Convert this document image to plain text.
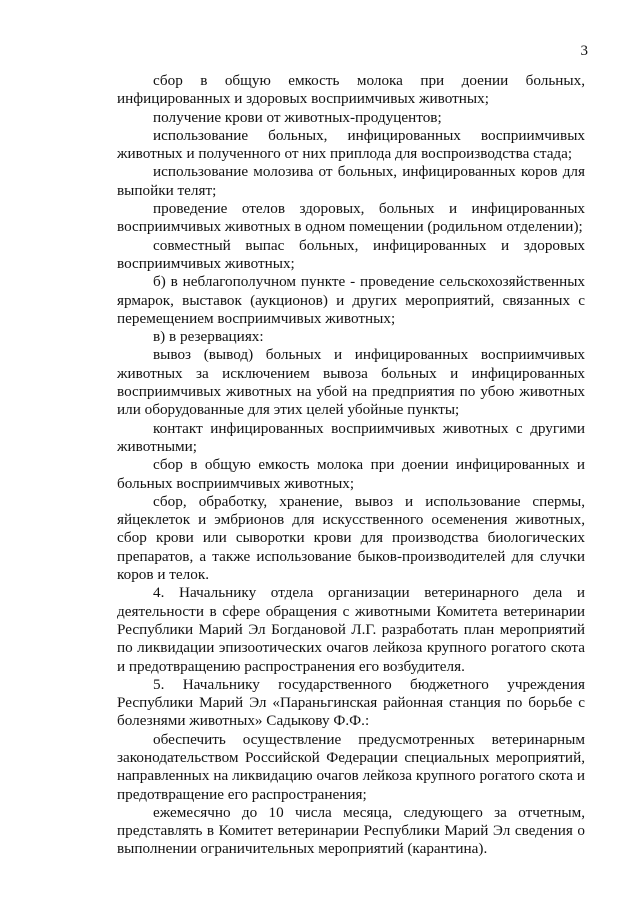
3

сбор в общую емкость молока при доении больных, инфицированных и здоровых восприимчивых животных;

получение крови от животных-продуцентов;

использование больных, инфицированных восприимчивых животных и полученного от них приплода для воспроизводства стада;

использование молозива от больных, инфицированных коров для выпойки телят;

проведение отелов здоровых, больных и инфицированных восприимчивых животных в одном помещении (родильном отделении);

совместный выпас больных, инфицированных и здоровых восприимчивых животных;

б) в неблагополучном пункте - проведение сельскохозяйственных ярмарок, выставок (аукционов) и других мероприятий, связанных с перемещением восприимчивых животных;

в) в резервациях:

вывоз (вывод) больных и инфицированных восприимчивых животных за исключением вывоза больных и инфицированных восприимчивых животных на убой на предприятия по убою животных или оборудованные для этих целей убойные пункты;

контакт инфицированных восприимчивых животных с другими животными;

сбор в общую емкость молока при доении инфицированных и больных восприимчивых животных;

сбор, обработку, хранение, вывоз и использование спермы, яйцеклеток и эмбрионов для искусственного осеменения животных, сбор крови или сыворотки крови для производства биологических препаратов, а также использование быков-производителей для случки коров и телок.

4. Начальнику отдела организации ветеринарного дела и деятельности в сфере обращения с животными Комитета ветеринарии Республики Марий Эл Богдановой Л.Г. разработать план мероприятий по ликвидации эпизоотических очагов лейкоза крупного рогатого скота и предотвращению распространения его возбудителя.

5. Начальнику государственного бюджетного учреждения Республики Марий Эл «Параньгинская районная станция по борьбе с болезнями животных» Садыкову Ф.Ф.:

обеспечить осуществление предусмотренных ветеринарным законодательством Российской Федерации специальных мероприятий, направленных на ликвидацию очагов лейкоза крупного рогатого скота и предотвращение его распространения;

ежемесячно до 10 числа месяца, следующего за отчетным, представлять в Комитет ветеринарии Республики Марий Эл сведения о выполнении ограничительных мероприятий (карантина).
